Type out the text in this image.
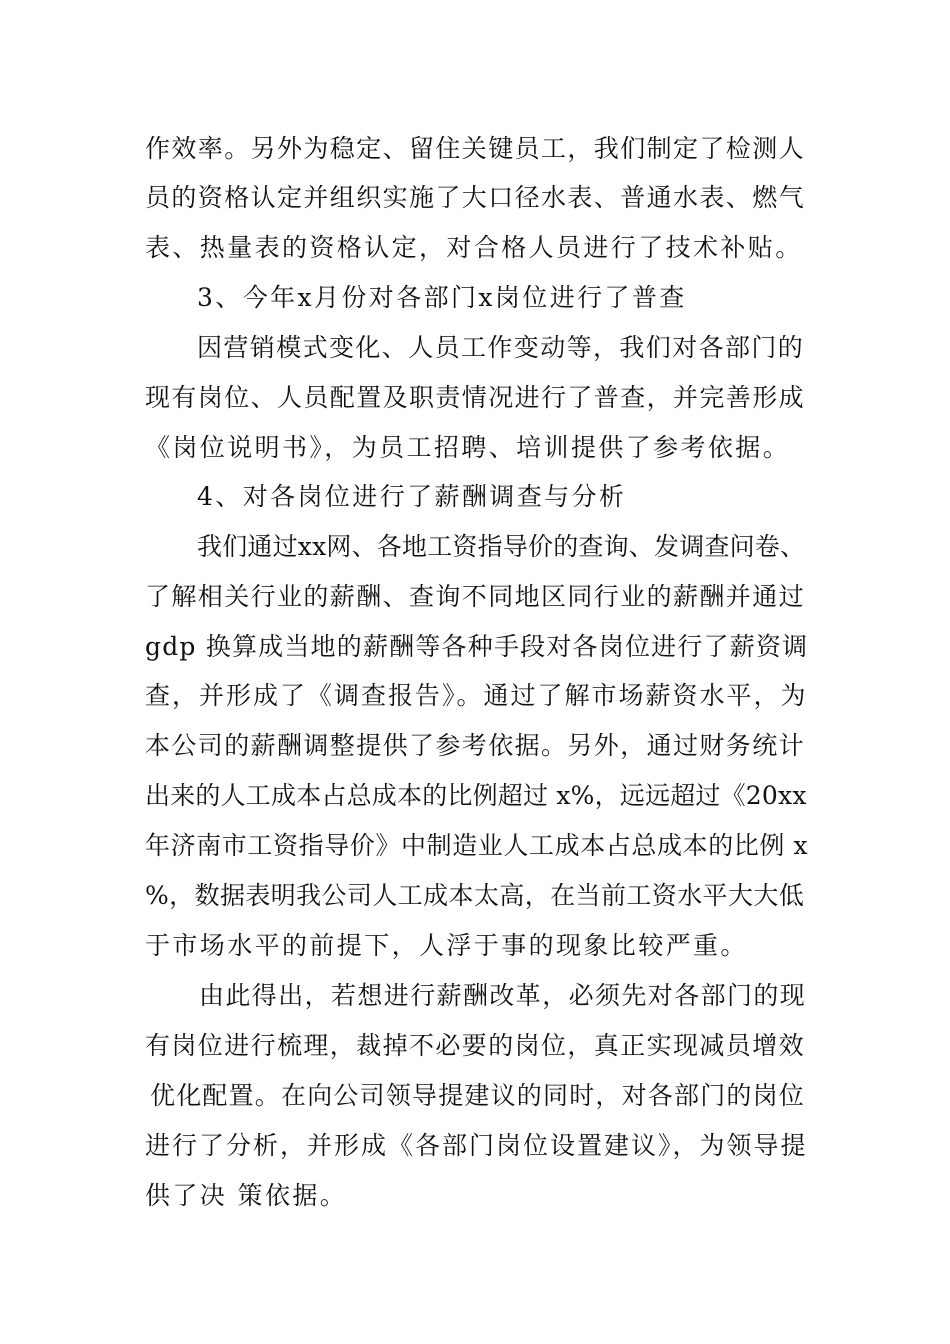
作效率。另外为稳定、留住关键员工，我们制定了检测人
员的资格认定并组织实施了大口径水表、普通水表、燃气
表、热量表的资格认定，对合格人员进行了技术补贴。
3、今年x月份对各部门x岗位进行了普查
因营销模式变化、人员工作变动等，我们对各部门的
现有岗位、人员配置及职责情况进行了普查，并完善形成
《岗位说明书》，为员工招聘、培训提供了参考依据。
4、对各岗位进行了薪酬调查与分析
我们通过xx网、各地工资指导价的查询、发调查问卷、
了解相关行业的薪酬、查询不同地区同行业的薪酬并通过
gdp 换算成当地的薪酬等各种手段对各岗位进行了薪资调
查，并形成了《调查报告》。通过了解市场薪资水平，为
本公司的薪酬调整提供了参考依据。另外，通过财务统计
出来的人工成本占总成本的比例超过 x%，远远超过《20xx
年济南市工资指导价》中制造业人工成本占总成本的比例 x
%，数据表明我公司人工成本太高，在当前工资水平大大低
于市场水平的前提下，人浮于事的现象比较严重。
由此得出，若想进行薪酬改革，必须先对各部门的现
有岗位进行梳理，裁掉不必要的岗位，真正实现减员增效
优化配置。在向公司领导提建议的同时，对各部门的岗位
进行了分析，并形成《各部门岗位设置建议》，为领导提
供了决 策依据。
